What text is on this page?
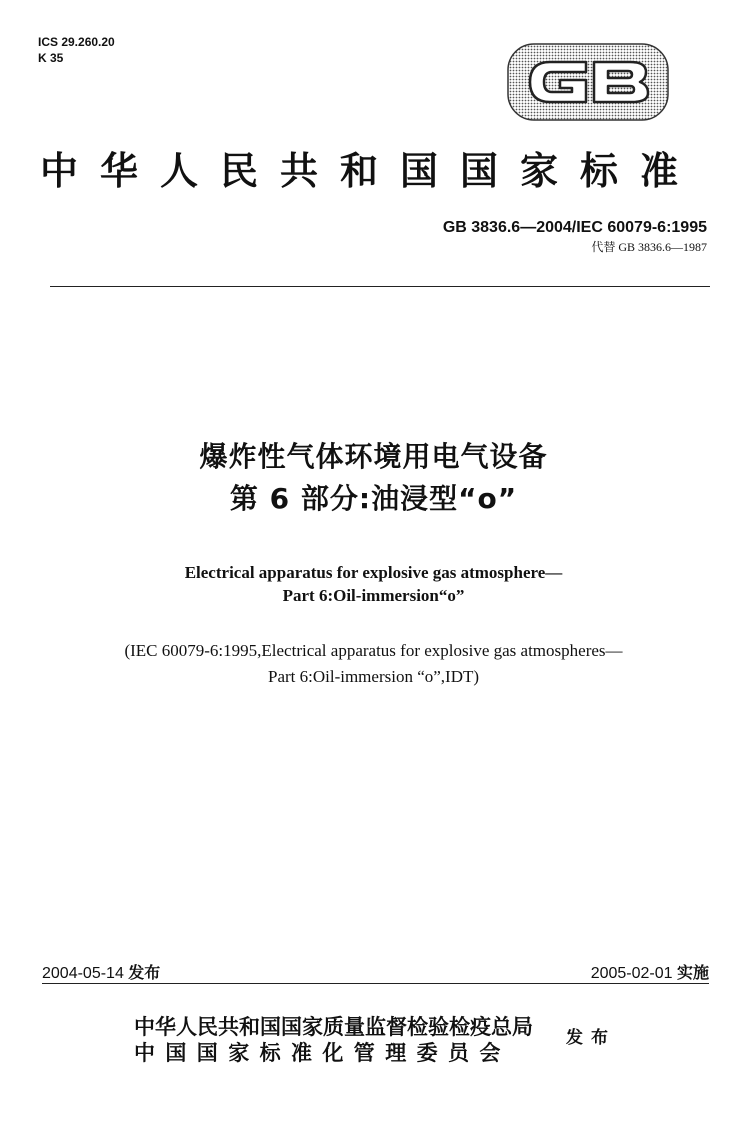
ICS 29.260.20
K 35
中华人民共和国国家标准
GB 3836.6—2004/IEC 60079-6:1995
代替 GB 3836.6—1987
爆炸性气体环境用电气设备
第 6 部分:油浸型“o”
Electrical apparatus for explosive gas atmosphere—
Part 6:Oil-immersion“o”
(IEC 60079-6:1995,Electrical apparatus for explosive gas atmospheres—
Part 6:Oil-immersion “o”,IDT)
2004-05-14 发布	2005-02-01 实施
中华人民共和国国家质量监督检验检疫总局
中国国家标准化管理委员会
发布
